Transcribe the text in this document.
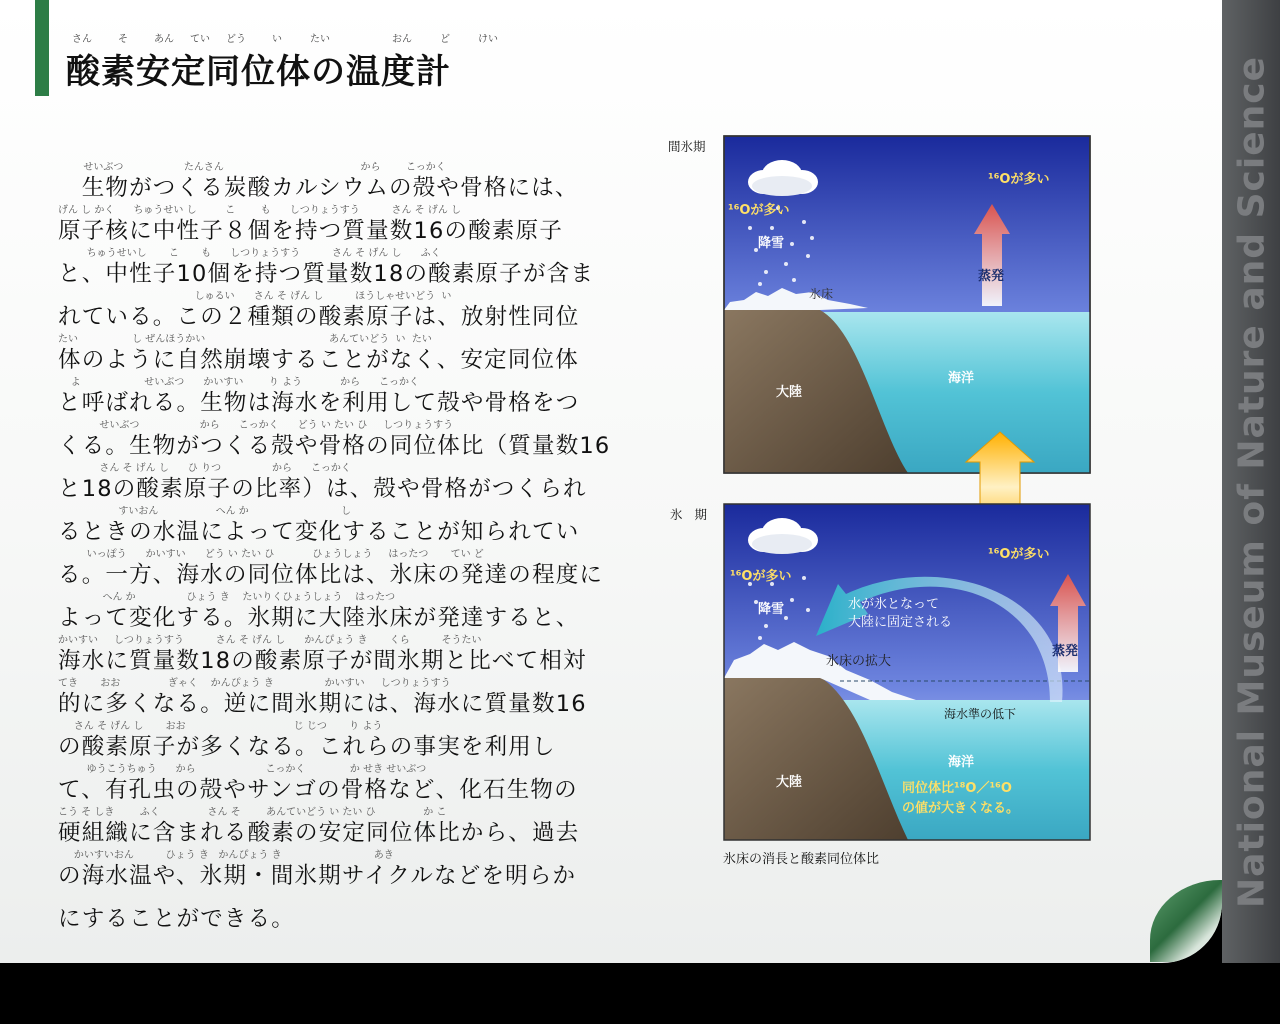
さん	そ	あん てい どう	い	たい	おん	ど	けい
酸素安定同位体の温度計
せいぶつ                   たんさん                                           から        こっかく
　生物がつくる炭酸カルシウムの殻や骨格には、
げん し かく      ちゅうせい し         こ        も      しつりょうすう          さん そ げん し
原子核に中性子８個を持つ質量数16の酸素原子
ちゅうせいし       こ       も      しつりょうすう          さん そ げん し      ふく
と、中性子10個を持つ質量数18の酸素原子が含ま
しゅるい      さん そ げん し          ほうしゃせいどう  い
れている。この２種類の酸素原子は、放射性同位
たい                 し ぜんほうかい                                       あんていどう  い  たい
体のように自然崩壊することがなく、安定同位体
よ                    せいぶつ      かいすい        り よう            から      こっかく
と呼ばれる。生物は海水を利用して殻や骨格をつ
せいぶつ                   から      こっかく      どう い たい ひ     しつりょうすう
くる。生物がつくる殻や骨格の同位体比（質量数16
さん そ げん し      ひ りつ                から      こっかく
と18の酸素原子の比率）は、殻や骨格がつくられ
すいおん                  へん か                             し
るときの水温によって変化することが知られてい
いっぽう      かいすい      どう い たい ひ            ひょうしょう     はったつ       てい ど
る。一方、海水の同位体比は、氷床の発達の程度に
へん か                ひょう き    たいりくひょうしょう    はったつ
よって変化する。氷期に大陸氷床が発達すると、
かいすい     しつりょうすう          さん そ げん し      かんぴょう き       くら          そうたい
海水に質量数18の酸素原子が間氷期と比べて相対
てき       おお               ぎゃく    かんぴょう き                かいすい     しつりょうすう
的に多くなる。逆に間氷期には、海水に質量数16
さん そ げん し       おお                                  じ じつ       り よう
の酸素原子が多くなる。これらの事実を利用し
ゆうこうちゅう      から                      こっかく              か せき せいぶつ
て、有孔虫の殻やサンゴの骨格など、化石生物の
こう そ しき        ふく               さん そ        あんていどう い たい ひ               か こ
硬組織に含まれる酸素の安定同位体比から、過去
かいすいおん          ひょう き   かんぴょう き                             あき
の海水温や、氷期・間氷期サイクルなどを明らか
にすることができる。
間氷期
氷期
¹⁶Oが多い
¹⁶Oが多い
降雪
蒸発
氷床
大陸
海洋
¹⁶Oが多い
¹⁶Oが多い
降雪
蒸発
水が氷となって
大陸に固定される
氷床の拡大
海水準の低下
海洋
同位体比¹⁸O／¹⁶O
の値が大きくなる。
大陸
氷床の消長と酸素同位体比	National Museum of Nature and Science
